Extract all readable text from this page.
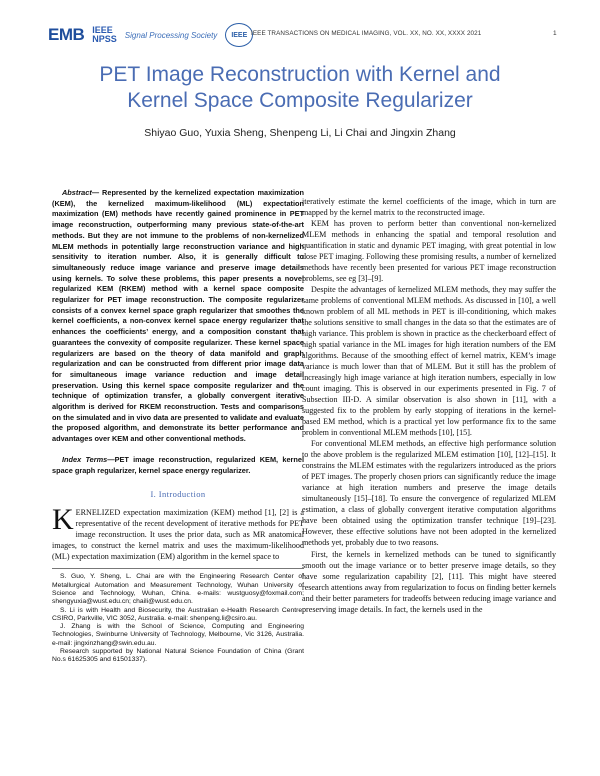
EMB IEEE
NPSS Signal Processing Society	IEEE IEEE TRANSACTIONS ON MEDICAL IMAGING, VOL. XX, NO. XX, XXXX 2021	1
PET Image Reconstruction with Kernel and
Kernel Space Composite Regularizer
Shiyao Guo, Yuxia Sheng, Shenpeng Li, Li Chai and Jingxin Zhang

Abstract— Represented by the kernelized expectation maximization (KEM), the kernelized maximum-likelihood (ML) expectation maximization (EM) methods have recently gained prominence in PET image reconstruction, outperforming many previous state-of-the-art methods. But they are not immune to the problems of non-kernelized MLEM methods in potentially large reconstruction variance and high sensitivity to iteration number. Also, it is generally difficult to simultaneously reduce image variance and preserve image details using kernels. To solve these problems, this paper presents a novel regularized KEM (RKEM) method with a kernel space composite regularizer for PET image reconstruction. The composite regularizer consists of a convex kernel space graph regularizer that smoothes the kernel coefficients, a non-convex kernel space energy regularizer that enhances the coefficients’ energy, and a composition constant that guarantees the convexity of composite regularizer. These kernel space regularizers are based on the theory of data manifold and graph regularization and can be constructed from different prior image data for simultaneous image variance reduction and image detail preservation. Using this kernel space composite regularizer and the technique of optimization transfer, a globally convergent iterative algorithm is derived for RKEM reconstruction. Tests and comparisons on the simulated and in vivo data are presented to validate and evaluate the proposed algorithm, and demonstrate its better performance and advantages over KEM and other conventional methods.

Index Terms—PET image reconstruction, regularized KEM, kernel space graph regularizer, kernel space energy regularizer.

I. Introduction

KERNELIZED expectation maximization (KEM) method [1], [2] is a representative of the recent development of iterative methods for PET image reconstruction. It uses the prior data, such as MR anatomical images, to construct the kernel matrix and uses the maximum-likelihood (ML) expectation maximization (EM) algorithm in the kernel space to

S. Guo, Y. Sheng, L. Chai are with the Engineering Research Center of Metallurgical Automation and Measurement Technology, Wuhan University of Science and Technology, Wuhan, China. e-mails: wustguosy@foxmail.com; shengyuxia@wust.edu.cn; chaili@wust.edu.cn.

S. Li is with Health and Biosecurity, the Australian e-Health Research Centre, CSIRO, Parkville, VIC 3052, Australia. e-mail: shenpeng.li@csiro.au.

J. Zhang is with the School of Science, Computing and Engineering Technologies, Swinburne University of Technology, Melbourne, Vic 3126, Australia. e-mail: jingxinzhang@swin.edu.au.

Research supported by National Natural Science Foundation of China (Grant No.s 61625305 and 61501337).

iteratively estimate the kernel coefficients of the image, which in turn are mapped by the kernel matrix to the reconstructed image.

KEM has proven to perform better than conventional non-kernelized MLEM methods in enhancing the spatial and temporal resolution and quantification in static and dynamic PET imaging, with great potential in low dose PET imaging. Following these promising results, a number of kernelized methods have recently been presented for various PET image reconstruction problems, see eg [3]–[9].

Despite the advantages of kernelized MLEM methods, they may suffer the same problems of conventional MLEM methods. As discussed in [10], a well known problem of all ML methods in PET is ill-conditioning, which makes the solutions sensitive to small changes in the data so that the estimates are of high variance. This problem is shown in practice as the checkerboard effect of high spatial variance in the ML images for high iteration numbers of the EM algorithms. Because of the smoothing effect of kernel matrix, KEM’s image variance is much lower than that of MLEM. But it still has the problem of increasingly high image variance at high iteration numbers, especially in low count imaging. This is observed in our experiments presented in Fig. 7 of Subsection III-D. A similar observation is also shown in [11], with a suggested fix to the problem by early stopping of iterations in the kernel-based EM method, which is a practical yet low performance fix to the same problem in conventional MLEM methods [10], [15].

For conventional MLEM methods, an effective high performance solution to the above problem is the regularized MLEM estimation [10], [12]–[15]. It constrains the MLEM estimates with the regularizers introduced as the priors of PET images. The properly chosen priors can significantly reduce the image variance at high iteration numbers and preserve the image details simultaneously [15]–[18]. To ensure the convergence of regularized MLEM estimation, a class of globally convergent iterative computation algorithms have been obtained using the optimization transfer technique [19]–[23]. However, these effective solutions have not been adopted in the kernelized methods yet, probably due to two reasons.

First, the kernels in kernelized methods can be tuned to significantly smooth out the image variance or to better preserve image details, so they have some regularization capability [2], [11]. This might have steered research attentions away from regularization to focus on finding better kernels and their better parameters for tradeoffs between reducing image variance and preserving image details. In fact, the kernels used in the
